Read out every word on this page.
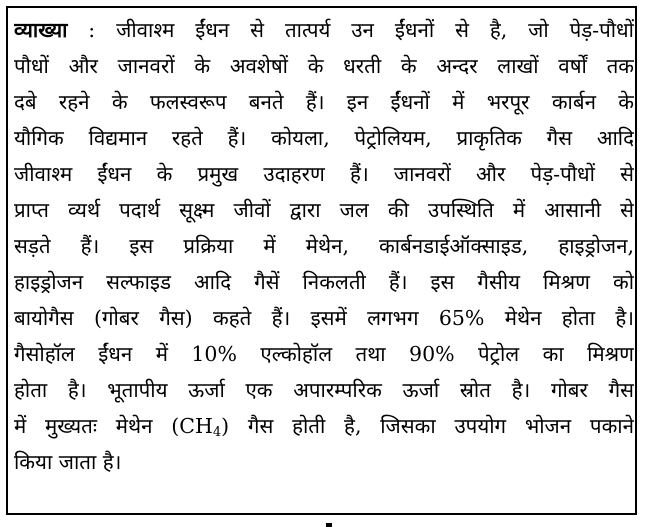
व्याख्या : जीवाश्म ईंधन से तात्पर्य उन ईंधनों से है, जो पेड़-पौधों
पौधों और जानवरों के अवशेषों के धरती के अन्दर लाखों वर्षों तक
दबे रहने के फलस्वरूप बनते हैं। इन ईंधनों में भरपूर कार्बन के
यौगिक विद्यमान रहते हैं। कोयला, पेट्रोलियम, प्राकृतिक गैस आदि
जीवाश्म ईंधन के प्रमुख उदाहरण हैं। जानवरों और पेड़-पौधों से
प्राप्त व्यर्थ पदार्थ सूक्ष्म जीवों द्वारा जल की उपस्थिति में आसानी से
सड़ते हैं। इस प्रक्रिया में मेथेन, कार्बनडाईऑक्साइड, हाइड्रोजन,
हाइड्रोजन सल्फाइड आदि गैसें निकलती हैं। इस गैसीय मिश्रण को
बायोगैस (गोबर गैस) कहते हैं। इसमें लगभग 65% मेथेन होता है।
गैसोहॉल ईंधन में 10% एल्कोहॉल तथा 90% पेट्रोल का मिश्रण
होता है। भूतापीय ऊर्जा एक अपारम्परिक ऊर्जा स्रोत है। गोबर गैस
में मुख्यतः मेथेन $(CH_4)$ गैस होती है, जिसका उपयोग भोजन पकाने
किया जाता है।
